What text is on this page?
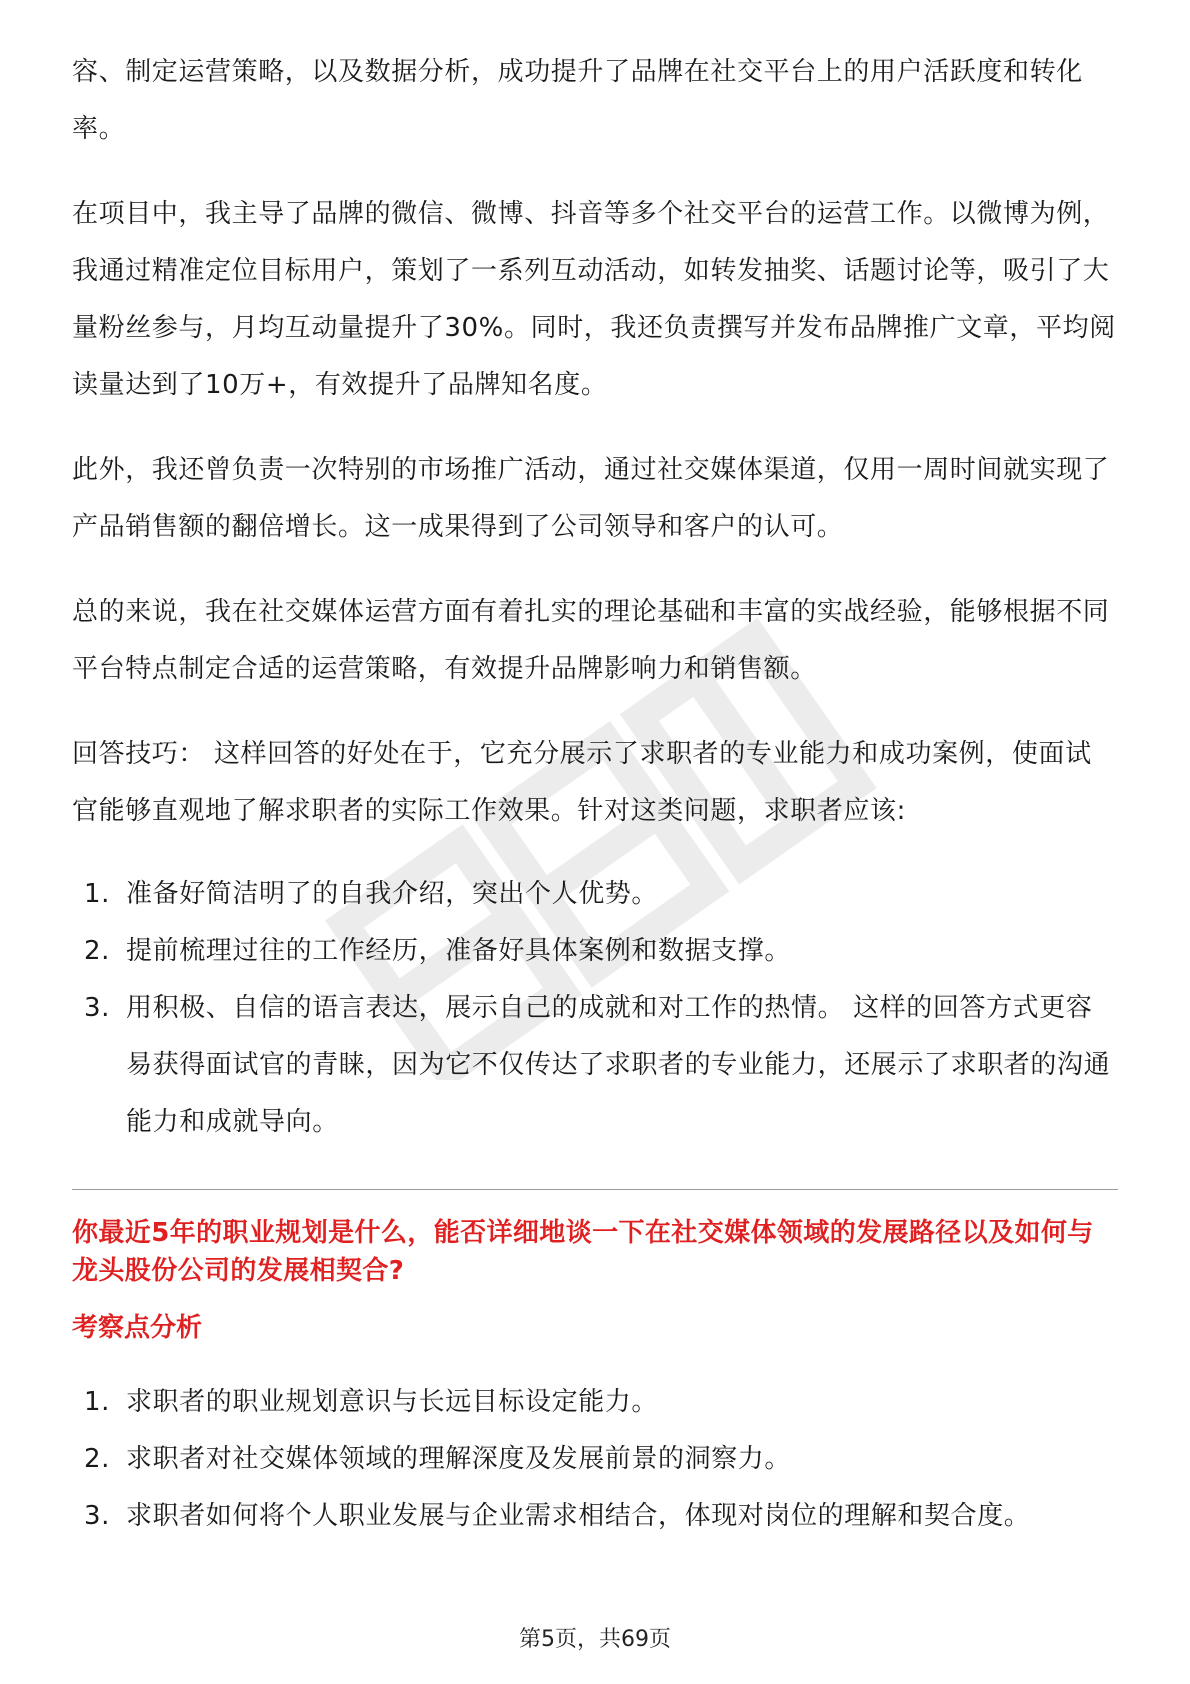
容、制定运营策略，以及数据分析，成功提升了品牌在社交平台上的用户活跃度和转化率。

在项目中，我主导了品牌的微信、微博、抖音等多个社交平台的运营工作。以微博为例，我通过精准定位目标用户，策划了一系列互动活动，如转发抽奖、话题讨论等，吸引了大量粉丝参与，月均互动量提升了30%。同时，我还负责撰写并发布品牌推广文章，平均阅读量达到了10万+，有效提升了品牌知名度。

此外，我还曾负责一次特别的市场推广活动，通过社交媒体渠道，仅用一周时间就实现了产品销售额的翻倍增长。这一成果得到了公司领导和客户的认可。

总的来说，我在社交媒体运营方面有着扎实的理论基础和丰富的实战经验，能够根据不同平台特点制定合适的运营策略，有效提升品牌影响力和销售额。

回答技巧： 这样回答的好处在于，它充分展示了求职者的专业能力和成功案例，使面试官能够直观地了解求职者的实际工作效果。针对这类问题，求职者应该:

1. 准备好简洁明了的自我介绍，突出个人优势。
2. 提前梳理过往的工作经历，准备好具体案例和数据支撑。
3. 用积极、自信的语言表达，展示自己的成就和对工作的热情。 这样的回答方式更容易获得面试官的青睐，因为它不仅传达了求职者的专业能力，还展示了求职者的沟通能力和成就导向。
你最近5年的职业规划是什么，能否详细地谈一下在社交媒体领域的发展路径以及如何与龙头股份公司的发展相契合?
考察点分析
1. 求职者的职业规划意识与长远目标设定能力。
2. 求职者对社交媒体领域的理解深度及发展前景的洞察力。
3. 求职者如何将个人职业发展与企业需求相结合，体现对岗位的理解和契合度。
第5页，共69页
